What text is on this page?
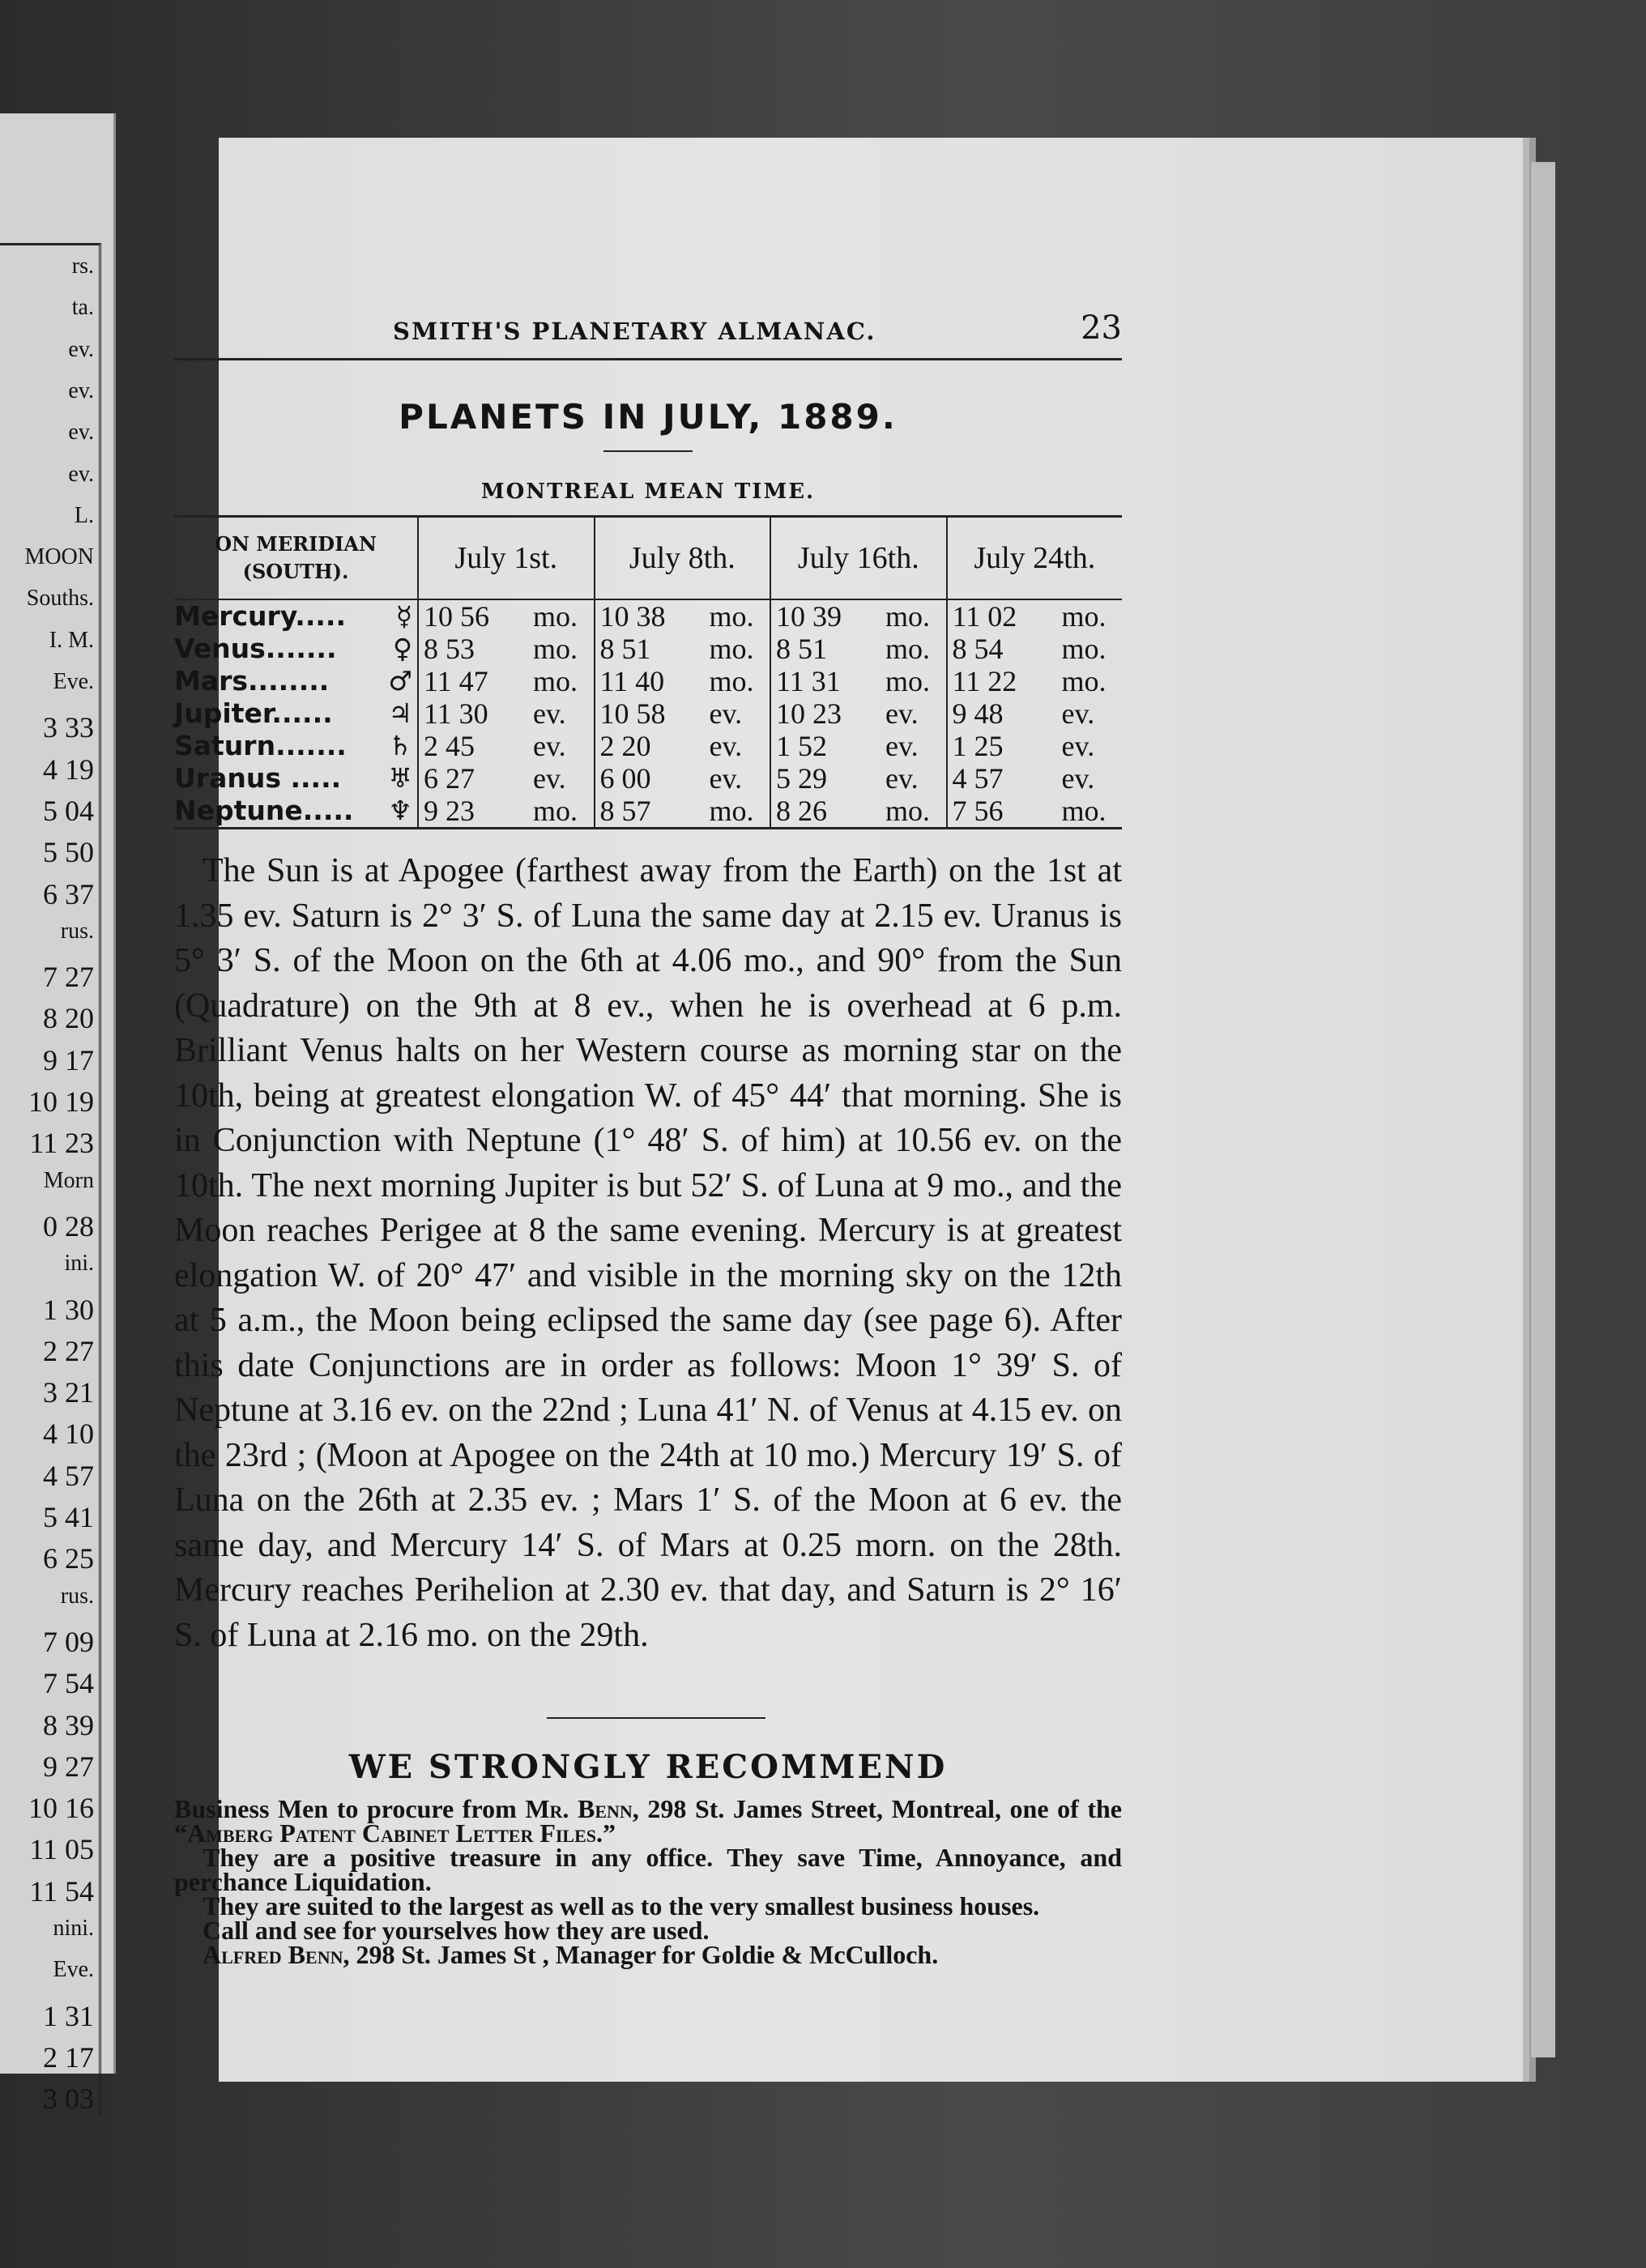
rs.
ta.
ev.
ev.
ev.
ev.
L.
MOON
Souths.
I. M.
Eve.
3 33
4 19
5 04
5 50
6 37
rus.
7 27
8 20
9 17
10 19
11 23
Morn
0 28
ini.
1 30
2 27
3 21
4 10
4 57
5 41
6 25
rus.
7 09
7 54
8 39
9 27
10 16
11 05
11 54
nini.
Eve.
1 31
2 17
3 03
SMITH'S PLANETARY ALMANAC.	23
PLANETS IN JULY, 1889.
MONTREAL MEAN TIME.
ON MERIDIAN
(SOUTH).	July 1st.	July 8th.	July 16th.	July 24th.
Mercury..... ☿	10 56 mo.	10 38 mo.	10 39 mo.	11 02 mo.
Venus....... ♀	8 53 mo.	8 51 mo.	8 51 mo.	8 54 mo.
Mars........ ♂	11 47 mo.	11 40 mo.	11 31 mo.	11 22 mo.
Jupiter...... ♃	11 30 ev.	10 58 ev.	10 23 ev.	9 48 ev.
Saturn....... ♄	2 45 ev.	2 20 ev.	1 52 ev.	1 25 ev.
Uranus ..... ♅	6 27 ev.	6 00 ev.	5 29 ev.	4 57 ev.
Neptune..... ♆	9 23 mo.	8 57 mo.	8 26 mo.	7 56 mo.

The Sun is at Apogee (farthest away from the Earth) on the 1st at 1.35 ev. Saturn is 2° 3′ S. of Luna the same day at 2.15 ev. Uranus is 5° 3′ S. of the Moon on the 6th at 4.06 mo., and 90° from the Sun (Quadrature) on the 9th at 8 ev., when he is overhead at 6 p.m. Brilliant Venus halts on her Western course as morning star on the 10th, being at greatest elongation W. of 45° 44′ that morning. She is in Conjunction with Neptune (1° 48′ S. of him) at 10.56 ev. on the 10th. The next morning Jupiter is but 52′ S. of Luna at 9 mo., and the Moon reaches Perigee at 8 the same evening. Mercury is at greatest elongation W. of 20° 47′ and visible in the morning sky on the 12th at 5 a.m., the Moon being eclipsed the same day (see page 6). After this date Conjunctions are in order as follows: Moon 1° 39′ S. of Neptune at 3.16 ev. on the 22nd ; Luna 41′ N. of Venus at 4.15 ev. on the 23rd ; (Moon at Apogee on the 24th at 10 mo.) Mercury 19′ S. of Luna on the 26th at 2.35 ev. ; Mars 1′ S. of the Moon at 6 ev. the same day, and Mercury 14′ S. of Mars at 0.25 morn. on the 28th. Mercury reaches Perihelion at 2.30 ev. that day, and Saturn is 2° 16′ S. of Luna at 2.16 mo. on the 29th.

WE STRONGLY RECOMMEND

Business Men to procure from Mr. Benn, 298 St. James Street, Montreal, one of the “Amberg Patent Cabinet Letter Files.”

They are a positive treasure in any office. They save Time, Annoyance, and perchance Liquidation.

They are suited to the largest as well as to the very smallest business houses.

Call and see for yourselves how they are used.

Alfred Benn, 298 St. James St , Manager for Goldie & McCulloch.
